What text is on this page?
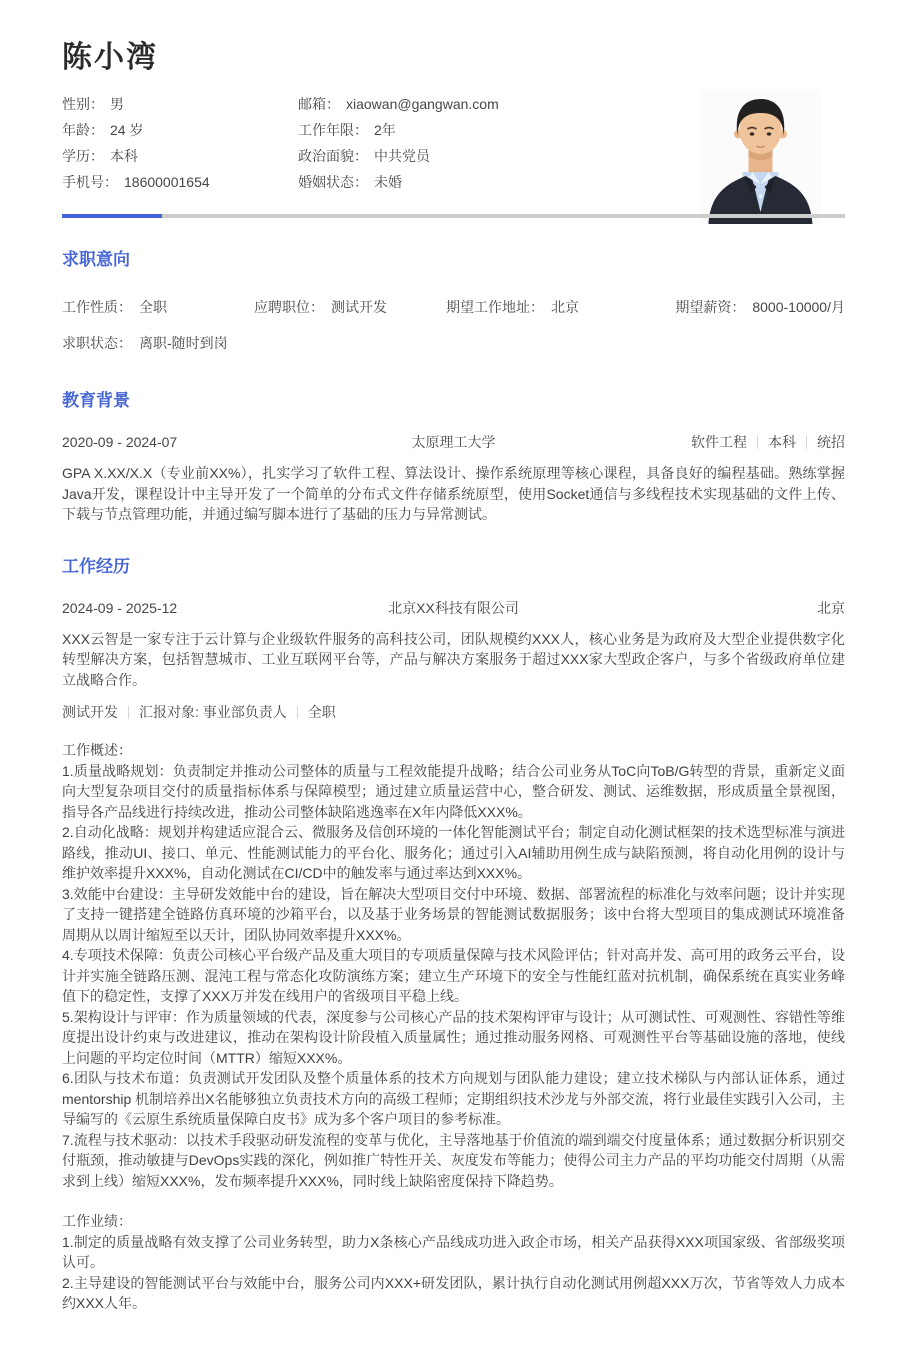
陈小湾
性别： 男	邮箱： xiaowan@gangwan.com
年龄： 24 岁	工作年限： 2年
学历： 本科	政治面貌： 中共党员
手机号： 18600001654	婚姻状态： 未婚
求职意向
工作性质： 全职	应聘职位： 测试开发	期望工作地址： 北京	期望薪资： 8000-10000/月
求职状态： 离职-随时到岗
教育背景
2020-09 - 2024-07	太原理工大学	软件工程 本科 统招

GPA X.XX/X.X（专业前XX%），扎实学习了软件工程、算法设计、操作系统原理等核心课程，具备良好的编程基础。熟练掌握Java开发，课程设计中主导开发了一个简单的分布式文件存储系统原型，使用Socket通信与多线程技术实现基础的文件上传、下载与节点管理功能，并通过编写脚本进行了基础的压力与异常测试。

工作经历
2024-09 - 2025-12	北京XX科技有限公司	北京

XXX云智是一家专注于云计算与企业级软件服务的高科技公司，团队规模约XXX人，核心业务是为政府及大型企业提供数字化转型解决方案，包括智慧城市、工业互联网平台等，产品与解决方案服务于超过XXX家大型政企客户，与多个省级政府单位建立战略合作。

测试开发 汇报对象: 事业部负责人 全职

工作概述：

1.质量战略规划：负责制定并推动公司整体的质量与工程效能提升战略；结合公司业务从ToC向ToB/G转型的背景，重新定义面向大型复杂项目交付的质量指标体系与保障模型；通过建立质量运营中心，整合研发、测试、运维数据，形成质量全景视图，指导各产品线进行持续改进，推动公司整体缺陷逃逸率在X年内降低XXX%。

2.自动化战略：规划并构建适应混合云、微服务及信创环境的一体化智能测试平台；制定自动化测试框架的技术选型标准与演进路线，推动UI、接口、单元、性能测试能力的平台化、服务化；通过引入AI辅助用例生成与缺陷预测，将自动化用例的设计与维护效率提升XXX%，自动化测试在CI/CD中的触发率与通过率达到XXX%。

3.效能中台建设：主导研发效能中台的建设，旨在解决大型项目交付中环境、数据、部署流程的标准化与效率问题；设计并实现了支持一键搭建全链路仿真环境的沙箱平台，以及基于业务场景的智能测试数据服务；该中台将大型项目的集成测试环境准备周期从以周计缩短至以天计，团队协同效率提升XXX%。

4.专项技术保障：负责公司核心平台级产品及重大项目的专项质量保障与技术风险评估；针对高并发、高可用的政务云平台，设计并实施全链路压测、混沌工程与常态化攻防演练方案；建立生产环境下的安全与性能红蓝对抗机制，确保系统在真实业务峰值下的稳定性，支撑了XXX万并发在线用户的省级项目平稳上线。

5.架构设计与评审：作为质量领域的代表，深度参与公司核心产品的技术架构评审与设计；从可测试性、可观测性、容错性等维度提出设计约束与改进建议，推动在架构设计阶段植入质量属性；通过推动服务网格、可观测性平台等基础设施的落地，使线上问题的平均定位时间（MTTR）缩短XXX%。

6.团队与技术布道：负责测试开发团队及整个质量体系的技术方向规划与团队能力建设；建立技术梯队与内部认证体系，通过mentorship 机制培养出X名能够独立负责技术方向的高级工程师；定期组织技术沙龙与外部交流，将行业最佳实践引入公司，主导编写的《云原生系统质量保障白皮书》成为多个客户项目的参考标准。

7.流程与技术驱动：以技术手段驱动研发流程的变革与优化，主导落地基于价值流的端到端交付度量体系；通过数据分析识别交付瓶颈，推动敏捷与DevOps实践的深化，例如推广特性开关、灰度发布等能力；使得公司主力产品的平均功能交付周期（从需求到上线）缩短XXX%，发布频率提升XXX%，同时线上缺陷密度保持下降趋势。

工作业绩：

1.制定的质量战略有效支撑了公司业务转型，助力X条核心产品线成功进入政企市场，相关产品获得XXX项国家级、省部级奖项认可。

2.主导建设的智能测试平台与效能中台，服务公司内XXX+研发团队，累计执行自动化测试用例超XXX万次，节省等效人力成本约XXX人年。
